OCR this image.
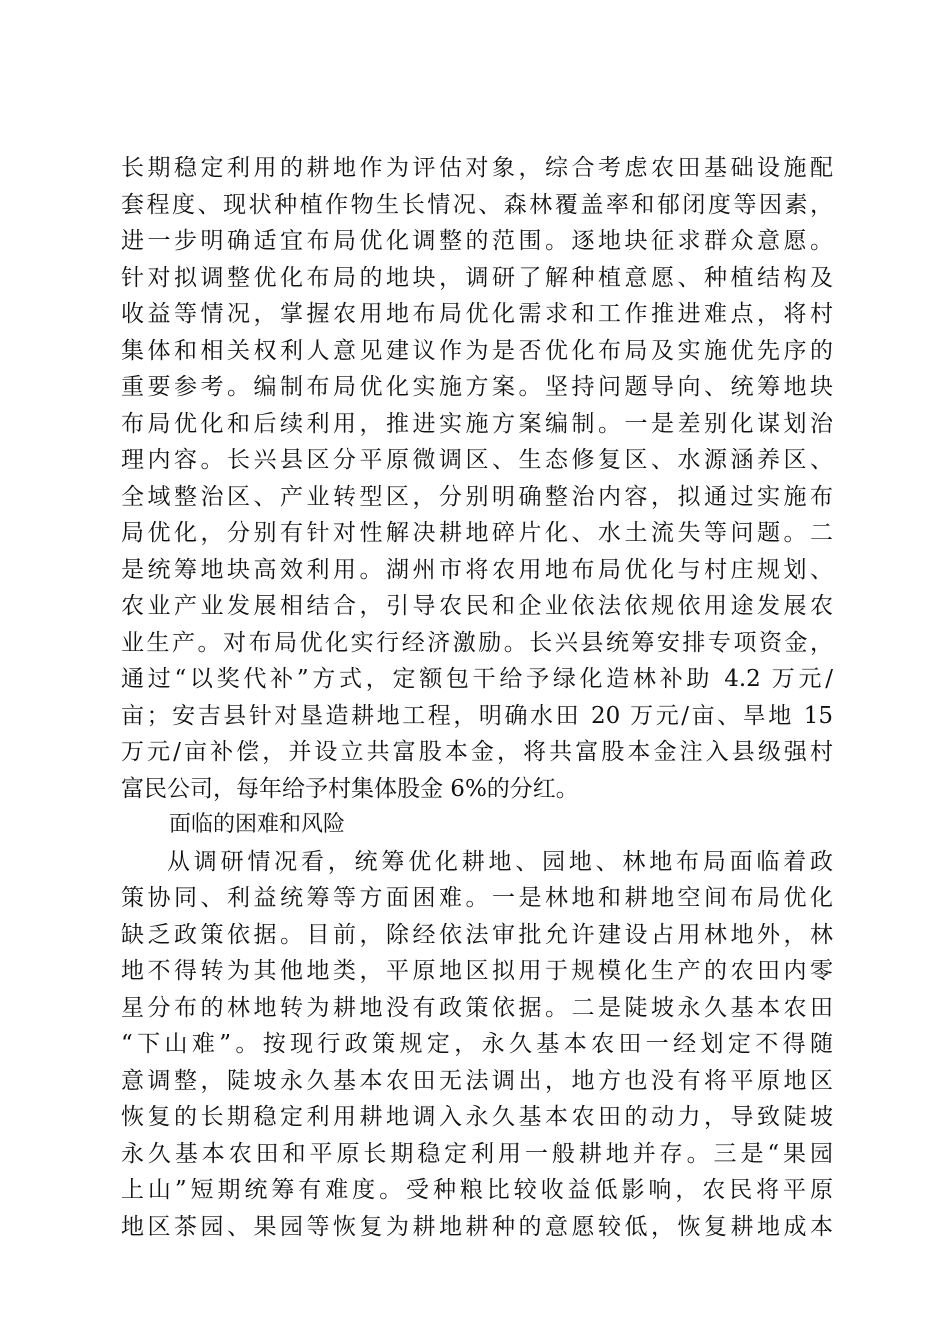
长期稳定利用的耕地作为评估对象，综合考虑农田基础设施配
套程度、现状种植作物生长情况、森林覆盖率和郁闭度等因素，
进一步明确适宜布局优化调整的范围。逐地块征求群众意愿。
针对拟调整优化布局的地块，调研了解种植意愿、种植结构及
收益等情况，掌握农用地布局优化需求和工作推进难点，将村
集体和相关权利人意见建议作为是否优化布局及实施优先序的
重要参考。编制布局优化实施方案。坚持问题导向、统筹地块
布局优化和后续利用，推进实施方案编制。一是差别化谋划治
理内容。长兴县区分平原微调区、生态修复区、水源涵养区、
全域整治区、产业转型区，分别明确整治内容，拟通过实施布
局优化，分别有针对性解决耕地碎片化、水土流失等问题。二
是统筹地块高效利用。湖州市将农用地布局优化与村庄规划、
农业产业发展相结合，引导农民和企业依法依规依用途发展农
业生产。对布局优化实行经济激励。长兴县统筹安排专项资金，
通过“以奖代补”方式，定额包干给予绿化造林补助 4.2 万元/
亩；安吉县针对垦造耕地工程，明确水田 20 万元/亩、旱地 15
万元/亩补偿，并设立共富股本金，将共富股本金注入县级强村
富民公司，每年给予村集体股金 6%的分红。
面临的困难和风险
从调研情况看，统筹优化耕地、园地、林地布局面临着政
策协同、利益统筹等方面困难。一是林地和耕地空间布局优化
缺乏政策依据。目前，除经依法审批允许建设占用林地外，林
地不得转为其他地类，平原地区拟用于规模化生产的农田内零
星分布的林地转为耕地没有政策依据。二是陡坡永久基本农田
“下山难”。按现行政策规定，永久基本农田一经划定不得随
意调整，陡坡永久基本农田无法调出，地方也没有将平原地区
恢复的长期稳定利用耕地调入永久基本农田的动力，导致陡坡
永久基本农田和平原长期稳定利用一般耕地并存。三是“果园
上山”短期统筹有难度。受种粮比较收益低影响，农民将平原
地区茶园、果园等恢复为耕地耕种的意愿较低，恢复耕地成本
